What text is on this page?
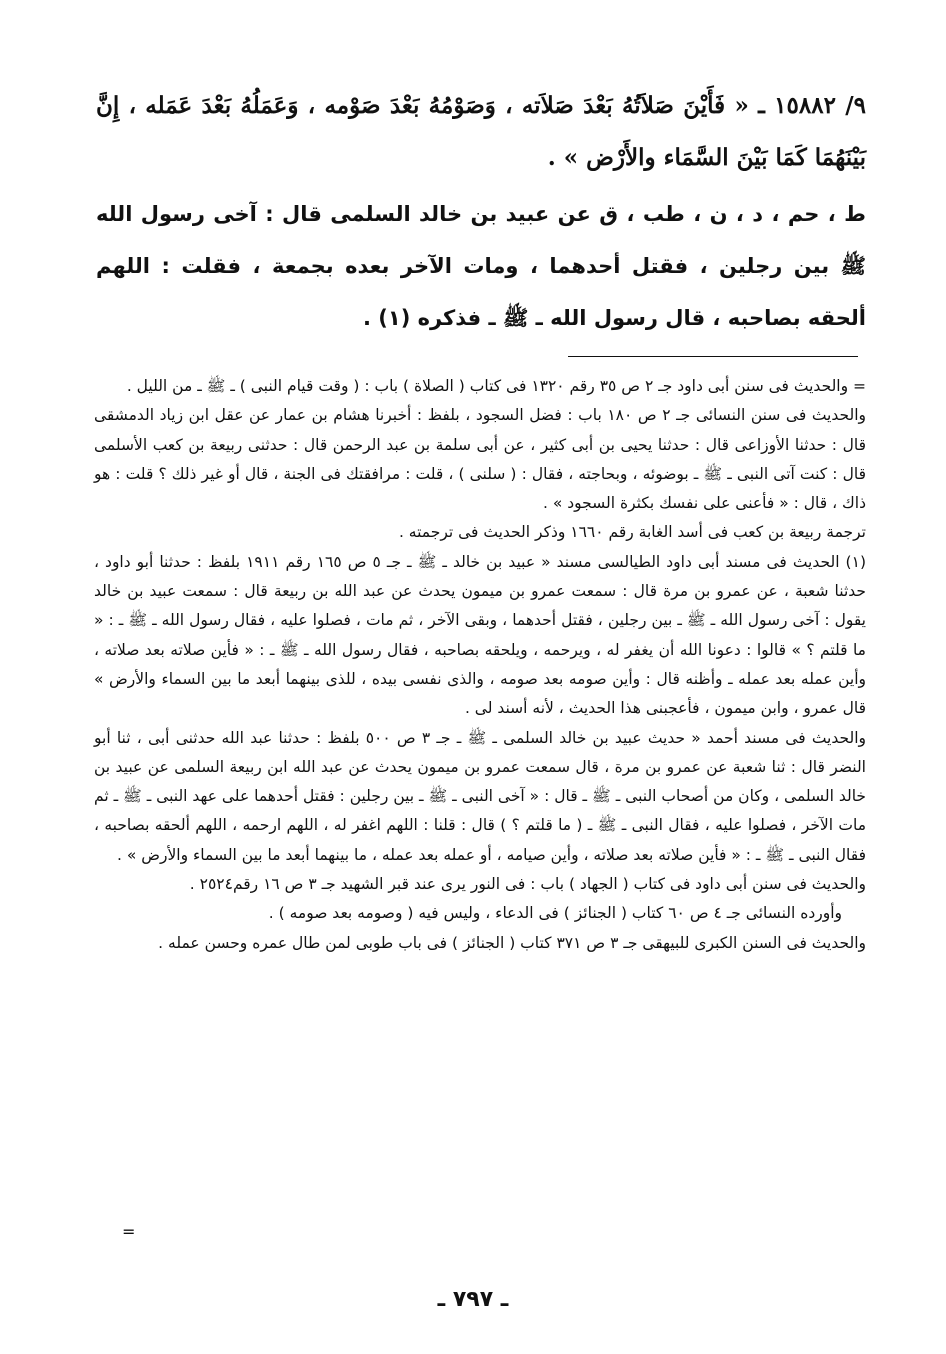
٩/ ١٥٨٨٢ ـ « فَأَيْنَ صَلاَتُهُ بَعْدَ صَلاَته ، وَصَوْمُهُ بَعْدَ صَوْمه ، وَعَمَلُهُ بَعْدَ عَمَله ، إِنَّ بَيْنَهُمَا كَمَا بَيْنَ السَّمَاء والأَرْض » .

ط ، حم ، د ، ن ، طب ، ق عن عبيد بن خالد السلمى قال : آخى رسول الله ﷺ بين رجلين ، فقتل أحدهما ، ومات الآخر بعده بجمعة ، فقلت : اللهم ألحقه بصاحبه ، قال رسول الله ـ ﷺ ـ فذكره (١) .

= والحديث فى سنن أبى داود جـ ٢ ص ٣٥ رقم ١٣٢٠ فى كتاب ( الصلاة ) باب : ( وقت قيام النبى ) ـ ﷺ ـ من الليل .

والحديث فى سنن النسائى جـ ٢ ص ١٨٠ باب : فضل السجود ، بلفظ : أخبرنا هشام بن عمار عن عقل ابن زياد الدمشقى قال : حدثنا الأوزاعى قال : حدثنا يحيى بن أبى كثير ، عن أبى سلمة بن عبد الرحمن قال : حدثنى ربيعة بن كعب الأسلمى قال : كنت آتى النبى ـ ﷺ ـ بوضوئه ، وبحاجته ، فقال : ( سلنى ) ، قلت : مرافقتك فى الجنة ، قال أو غير ذلك ؟ قلت : هو ذاك ، قال : « فأعنى على نفسك بكثرة السجود » .

ترجمة ربيعة بن كعب فى أسد الغابة رقم ١٦٦٠ وذكر الحديث فى ترجمته .

(١) الحديث فى مسند أبى داود الطيالسى مسند « عبيد بن خالد ـ ﷺ ـ جـ ٥ ص ١٦٥ رقم ١٩١١ بلفظ : حدثنا أبو داود ، حدثنا شعبة ، عن عمرو بن مرة قال : سمعت عمرو بن ميمون يحدث عن عبد الله بن ربيعة قال : سمعت عبيد بن خالد يقول : آخى رسول الله ـ ﷺ ـ بين رجلين ، فقتل أحدهما ، وبقى الآخر ، ثم مات ، فصلوا عليه ، فقال رسول الله ـ ﷺ ـ : « ما قلتم ؟ » قالوا : دعونا الله أن يغفر له ، ويرحمه ، ويلحقه بصاحبه ، فقال رسول الله ـ ﷺ ـ : « فأين صلاته بعد صلاته ، وأين عمله بعد عمله ـ وأظنه قال : وأين صومه بعد صومه ، والذى نفسى بيده ، للذى بينهما أبعد ما بين السماء والأرض » قال عمرو ، وابن ميمون ، فأعجبنى هذا الحديث ، لأنه أسند لى .

والحديث فى مسند أحمد « حديث عبيد بن خالد السلمى ـ ﷺ ـ جـ ٣ ص ٥٠٠ بلفظ : حدثنا عبد الله حدثنى أبى ، ثنا أبو النضر قال : ثنا شعبة عن عمرو بن مرة ، قال سمعت عمرو بن ميمون يحدث عن عبد الله ابن ربيعة السلمى عن عبيد بن خالد السلمى ، وكان من أصحاب النبى ـ ﷺ ـ قال : « آخى النبى ـ ﷺ ـ بين رجلين : فقتل أحدهما على عهد النبى ـ ﷺ ـ ثم مات الآخر ، فصلوا عليه ، فقال النبى ـ ﷺ ـ ( ما قلتم ؟ ) قال : قلنا : اللهم اغفر له ، اللهم ارحمه ، اللهم ألحقه بصاحبه ، فقال النبى ـ ﷺ ـ : « فأين صلاته بعد صلاته ، وأين صيامه ، أو عمله بعد عمله ، ما بينهما أبعد ما بين السماء والأرض » .

والحديث فى سنن أبى داود فى كتاب ( الجهاد ) باب : فى النور يرى عند قبر الشهيد جـ ٣ ص ١٦ رقم٢٥٢٤ .

وأورده النسائى جـ ٤ ص ٦٠ كتاب ( الجنائز ) فى الدعاء ، وليس فيه ( وصومه بعد صومه ) .

والحديث فى السنن الكبرى للبيهقى جـ ٣ ص ٣٧١ كتاب ( الجنائز ) فى باب طوبى لمن طال عمره وحسن عمله .

=
ـ ٧٩٧ ـ
